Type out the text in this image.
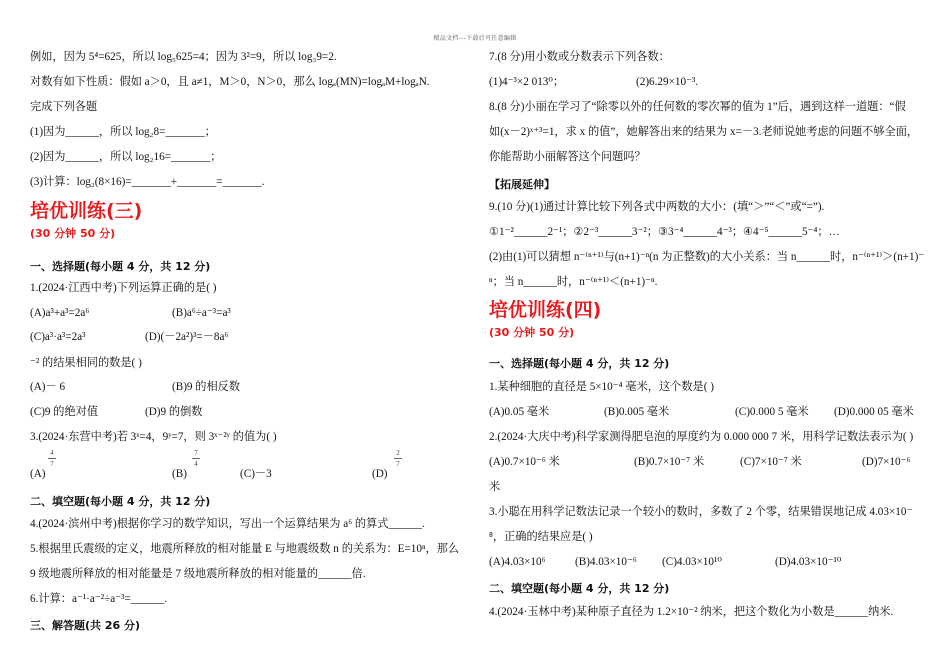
精品文档---下载后可任意编辑
例如，因为 5⁴=625，所以 log₅625=4；因为 3²=9，所以 log₃9=2.
对数有如下性质：假如 a＞0，且 a≠1，M＞0，N＞0，那么 logₐ(MN)=logₐM+logₐN.
完成下列各题
(1)因为______，所以 log₂8=_______；
(2)因为______，所以 log₂16=_______；
(3)计算：log₂(8×16)=_______+_______=_______.
培优训练(三)
(30 分钟 50 分)
一、选择题(每小题 4 分，共 12 分)
1.(2024·江西中考)下列运算正确的是( )
(A)a³+a³=2a⁶	(B)a⁶÷a⁻³=a³
(C)a³·a³=2a³	(D)(－2a²)³=－8a⁶
⁻² 的结果相同的数是( )
(A)－ 6	(B)9 的相反数
(C)9 的绝对值	(D)9 的倒数
3.(2024·东营中考)若 3ˣ=4，9ʸ=7，则 3ˣ⁻²ʸ 的值为( )
(A)
4
7
(B)
7
4
(C)－3	(D)
2
7
二、填空题(每小题 4 分，共 12 分)
4.(2024·滨州中考)根据你学习的数学知识，写出一个运算结果为 a⁶ 的算式______.
5.根据里氏震级的定义，地震所释放的相对能量 E 与地震级数 n 的关系为：E=10ⁿ，那么
9 级地震所释放的相对能量是 7 级地震所释放的相对能量的______倍.
6.计算：a⁻¹·a⁻²÷a⁻³=______.
三、解答题(共 26 分)
7.(8 分)用小数或分数表示下列各数：
(1)4⁻³×2 013⁰；	(2)6.29×10⁻³.
8.(8 分)小丽在学习了“除零以外的任何数的零次幂的值为 1”后，遇到这样一道题：“假
如(x－2)ˣ⁺³=1，求 x 的值”，她解答出来的结果为 x=－3.老师说她考虑的问题不够全面，
你能帮助小丽解答这个问题吗？
【拓展延伸】
9.(10 分)(1)通过计算比较下列各式中两数的大小：(填“＞”“＜”或“=”).
①1⁻²______2⁻¹；②2⁻³______3⁻²；③3⁻⁴______4⁻³；④4⁻⁵______5⁻⁴；…
(2)由(1)可以猜想 n⁻⁽ⁿ⁺¹⁾与(n+1)⁻ⁿ(n 为正整数)的大小关系：当 n______时，n⁻⁽ⁿ⁺¹⁾＞(n+1)⁻
ⁿ；当 n______时，n⁻⁽ⁿ⁺¹⁾＜(n+1)⁻ⁿ.
培优训练(四)
(30 分钟 50 分)
一、选择题(每小题 4 分，共 12 分)
1.某种细胞的直径是 5×10⁻⁴ 毫米，这个数是( )
(A)0.05 毫米	(B)0.005 毫米	(C)0.000 5 毫米 (D)0.000 05 毫米
2.(2024·大庆中考)科学家测得肥皂泡的厚度约为 0.000 000 7 米，用科学记数法表示为( )
(A)0.7×10⁻⁶ 米	(B)0.7×10⁻⁷ 米	(C)7×10⁻⁷ 米	(D)7×10⁻⁶
米
3.小聪在用科学记数法记录一个较小的数时，多数了 2 个零，结果错误地记成 4.03×10⁻
⁸，正确的结果应是( )
(A)4.03×10⁶	(B)4.03×10⁻⁶ (C)4.03×10¹⁰	(D)4.03×10⁻¹⁰
二、填空题(每小题 4 分，共 12 分)
4.(2024·玉林中考)某种原子直径为 1.2×10⁻² 纳米，把这个数化为小数是______纳米.
